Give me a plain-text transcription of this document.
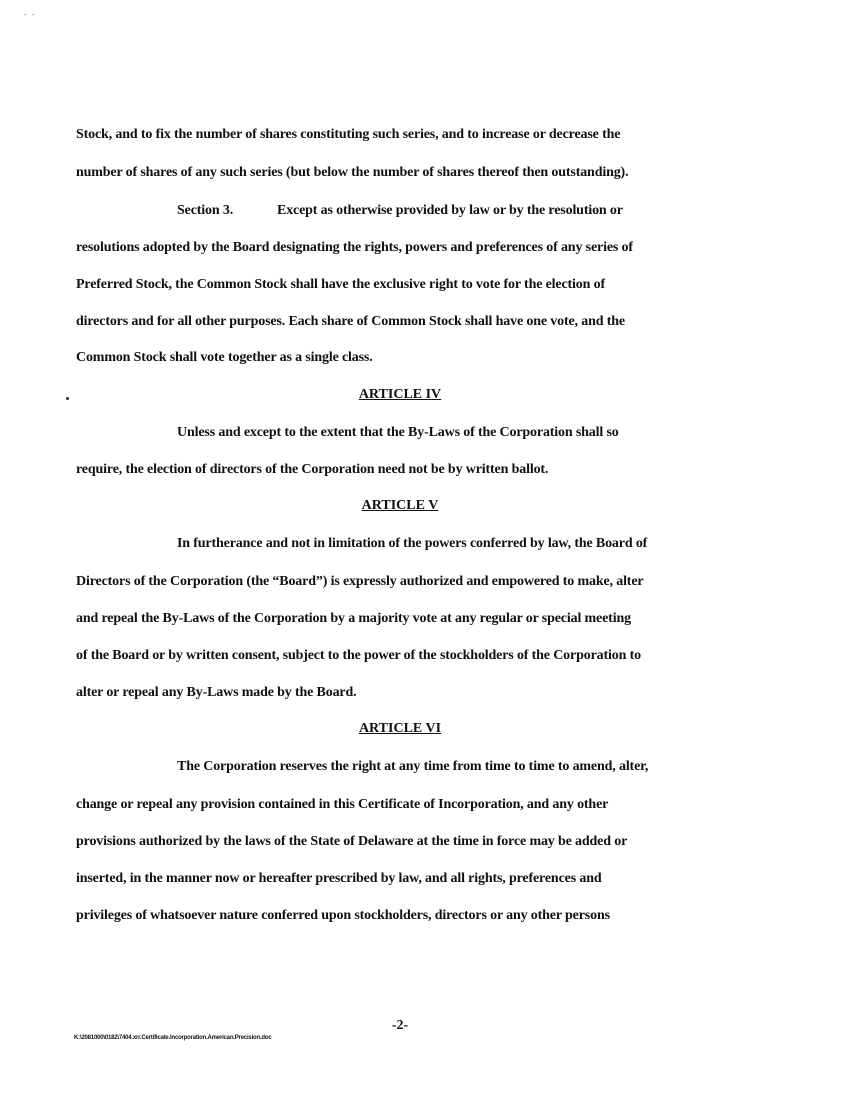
Stock, and to fix the number of shares constituting such series, and to increase or decrease the
number of shares of any such series (but below the number of shares thereof then outstanding).
Section 3.	Except as otherwise provided by law or by the resolution or
resolutions adopted by the Board designating the rights, powers and preferences of any series of
Preferred Stock, the Common Stock shall have the exclusive right to vote for the election of
directors and for all other purposes. Each share of Common Stock shall have one vote, and the
Common Stock shall vote together as a single class.
ARTICLE IV
Unless and except to the extent that the By-Laws of the Corporation shall so
require, the election of directors of the Corporation need not be by written ballot.
ARTICLE V
In furtherance and not in limitation of the powers conferred by law, the Board of
Directors of the Corporation (the “Board”) is expressly authorized and empowered to make, alter
and repeal the By-Laws of the Corporation by a majority vote at any regular or special meeting
of the Board or by written consent, subject to the power of the stockholders of the Corporation to
alter or repeal any By-Laws made by the Board.
ARTICLE VI
The Corporation reserves the right at any time from time to time to amend, alter,
change or repeal any provision contained in this Certificate of Incorporation, and any other
provisions authorized by the laws of the State of Delaware at the time in force may be added or
inserted, in the manner now or hereafter prescribed by law, and all rights, preferences and
privileges of whatsoever nature conferred upon stockholders, directors or any other persons
-2-
K:\2081000\0182\7404.xrr.Certificate.Incorporation.American.Precision.doc
